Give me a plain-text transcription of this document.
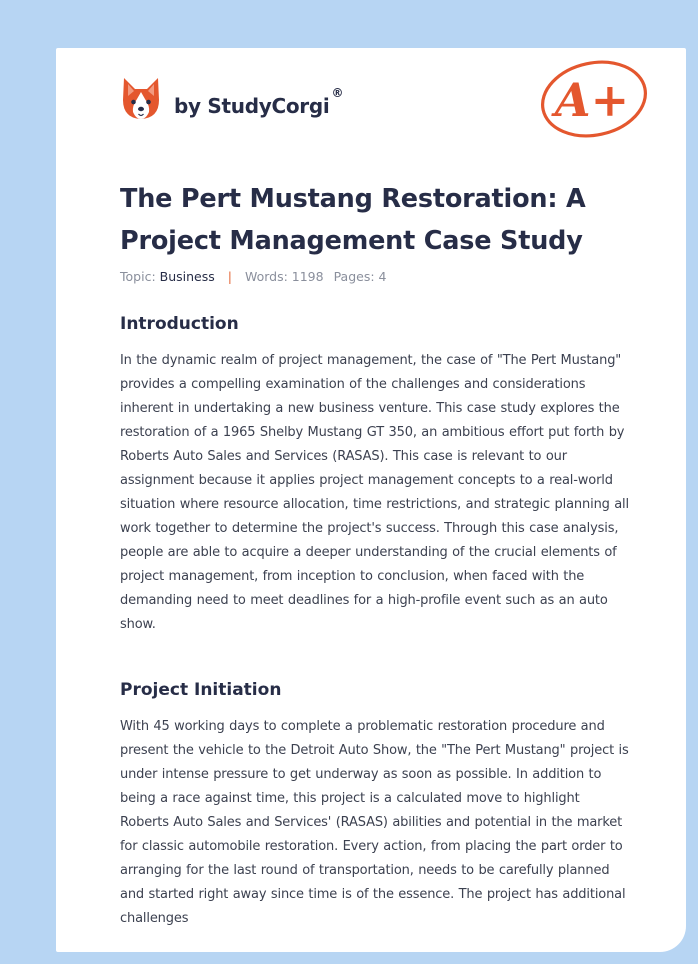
by StudyCorgi®	A+
The Pert Mustang Restoration: A Project Management Case Study
Topic: Business | Words: 1198 Pages: 4
Introduction

In the dynamic realm of project management, the case of "The Pert Mustang" provides a compelling examination of the challenges and considerations inherent in undertaking a new business venture. This case study explores the restoration of a 1965 Shelby Mustang GT 350, an ambitious effort put forth by Roberts Auto Sales and Services (RASAS). This case is relevant to our assignment because it applies project management concepts to a real-world situation where resource allocation, time restrictions, and strategic planning all work together to determine the project's success. Through this case analysis, people are able to acquire a deeper understanding of the crucial elements of project management, from inception to conclusion, when faced with the demanding need to meet deadlines for a high-profile event such as an auto show.

Project Initiation

With 45 working days to complete a problematic restoration procedure and present the vehicle to the Detroit Auto Show, the "The Pert Mustang" project is under intense pressure to get underway as soon as possible. In addition to being a race against time, this project is a calculated move to highlight Roberts Auto Sales and Services' (RASAS) abilities and potential in the market for classic automobile restoration. Every action, from placing the part order to arranging for the last round of transportation, needs to be carefully planned and started right away since time is of the essence. The project has additional challenges
